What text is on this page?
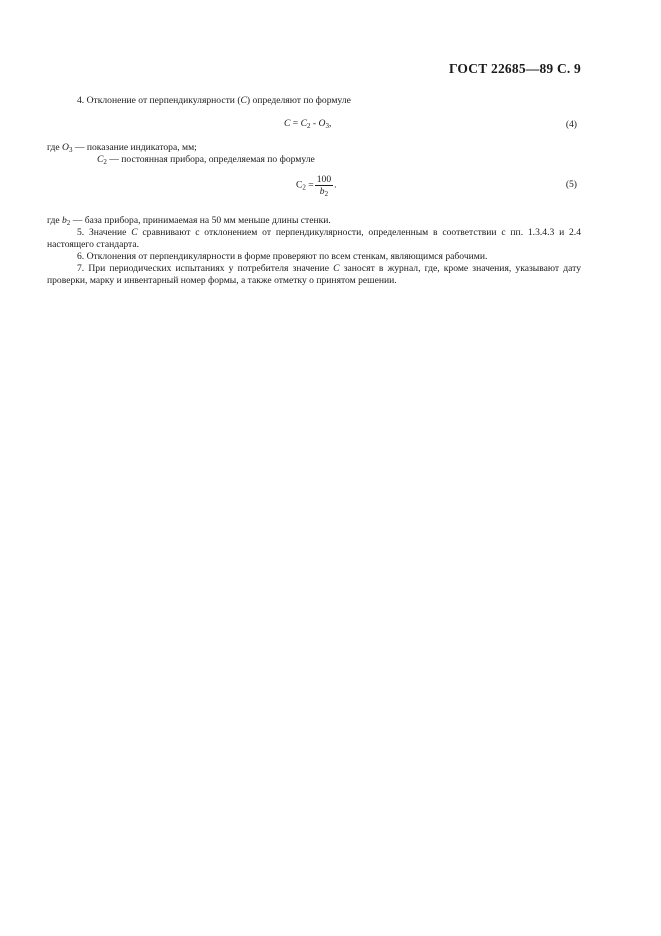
ГОСТ 22685—89 С. 9
4. Отклонение от перпендикулярности (C) определяют по формуле
$C = C_2 - O_3$,	(4)
где $O_3$ — показание индикатора, мм;
$C_2$ — постоянная прибора, определяемая по формуле
$C_2 = \frac{100}{b_2}$ .	(5)
где $b_2$ — база прибора, принимаемая на 50 мм меньше длины стенки.
5. Значение C сравнивают с отклонением от перпендикулярности, определенным в соответствии с пп. 1.3.4.3 и 2.4 настоящего стандарта.
6. Отклонения от перпендикулярности в форме проверяют по всем стенкам, являющимся рабочими.
7. При периодических испытаниях у потребителя значение C заносят в журнал, где, кроме значения, указывают дату проверки, марку и инвентарный номер формы, а также отметку о принятом решении.
